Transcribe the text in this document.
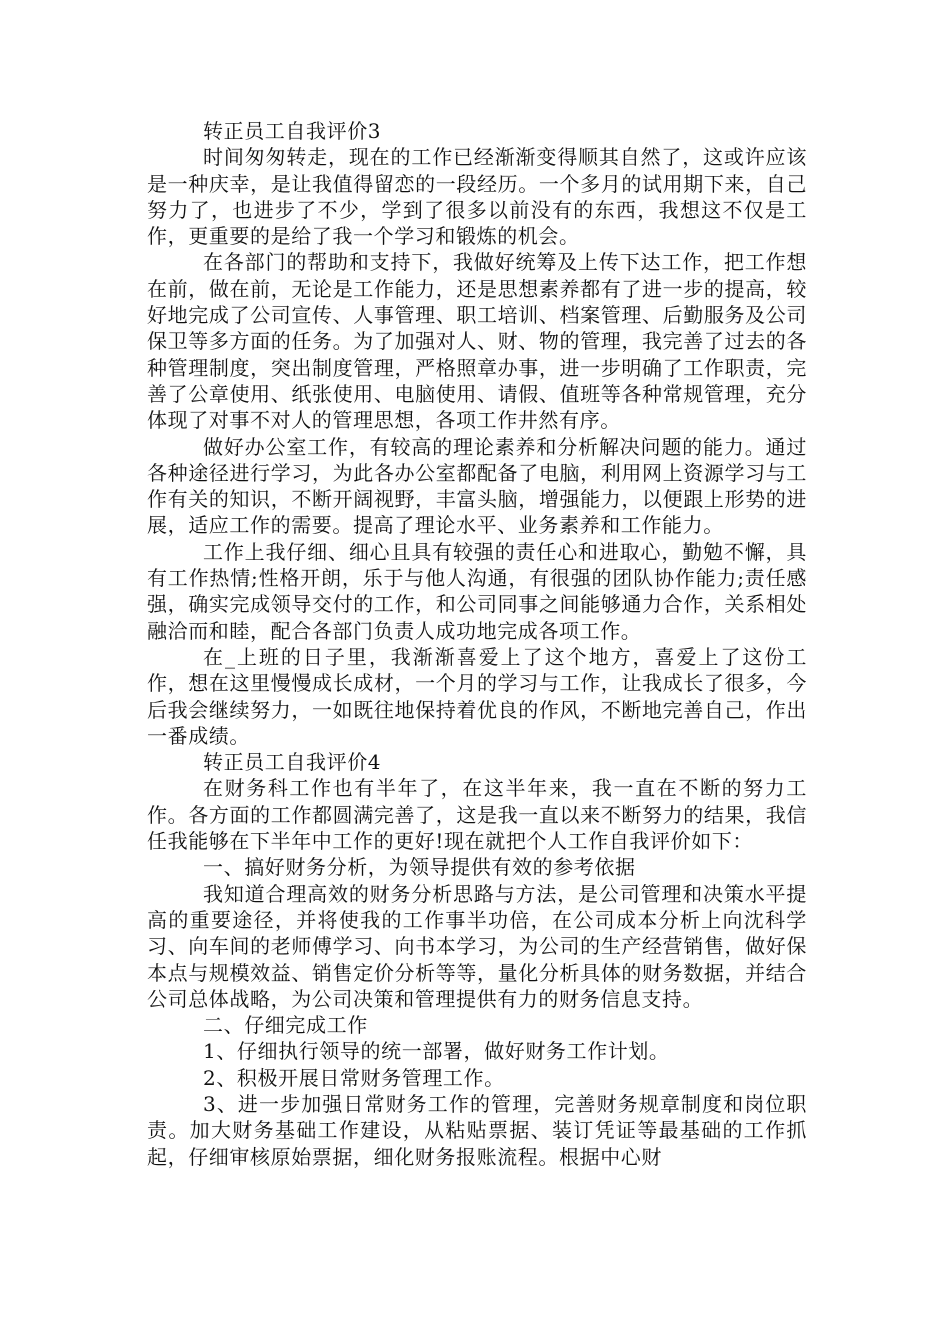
转正员工自我评价3

时间匆匆转走，现在的工作已经渐渐变得顺其自然了，这或许应该是一种庆幸，是让我值得留恋的一段经历。一个多月的试用期下来，自己努力了，也进步了不少，学到了很多以前没有的东西，我想这不仅是工作，更重要的是给了我一个学习和锻炼的机会。

在各部门的帮助和支持下，我做好统筹及上传下达工作，把工作想在前，做在前，无论是工作能力，还是思想素养都有了进一步的提高，较好地完成了公司宣传、人事管理、职工培训、档案管理、后勤服务及公司保卫等多方面的任务。为了加强对人、财、物的管理，我完善了过去的各种管理制度，突出制度管理，严格照章办事，进一步明确了工作职责，完善了公章使用、纸张使用、电脑使用、请假、值班等各种常规管理，充分体现了对事不对人的管理思想，各项工作井然有序。

做好办公室工作，有较高的理论素养和分析解决问题的能力。通过各种途径进行学习，为此各办公室都配备了电脑，利用网上资源学习与工作有关的知识，不断开阔视野，丰富头脑，增强能力，以便跟上形势的进展，适应工作的需要。提高了理论水平、业务素养和工作能力。

工作上我仔细、细心且具有较强的责任心和进取心，勤勉不懈，具有工作热情;性格开朗，乐于与他人沟通，有很强的团队协作能力;责任感强，确实完成领导交付的工作，和公司同事之间能够通力合作，关系相处融洽而和睦，配合各部门负责人成功地完成各项工作。

在_上班的日子里，我渐渐喜爱上了这个地方，喜爱上了这份工作，想在这里慢慢成长成材，一个月的学习与工作，让我成长了很多，今后我会继续努力，一如既往地保持着优良的作风，不断地完善自己，作出一番成绩。

转正员工自我评价4

在财务科工作也有半年了，在这半年来，我一直在不断的努力工作。各方面的工作都圆满完善了，这是我一直以来不断努力的结果，我信任我能够在下半年中工作的更好!现在就把个人工作自我评价如下：

一、搞好财务分析，为领导提供有效的参考依据

我知道合理高效的财务分析思路与方法，是公司管理和决策水平提高的重要途径，并将使我的工作事半功倍，在公司成本分析上向沈科学习、向车间的老师傅学习、向书本学习，为公司的生产经营销售，做好保本点与规模效益、销售定价分析等等，量化分析具体的财务数据，并结合公司总体战略，为公司决策和管理提供有力的财务信息支持。

二、仔细完成工作

1、仔细执行领导的统一部署，做好财务工作计划。

2、积极开展日常财务管理工作。

3、进一步加强日常财务工作的管理，完善财务规章制度和岗位职责。加大财务基础工作建设，从粘贴票据、装订凭证等最基础的工作抓起，仔细审核原始票据，细化财务报账流程。根据中心财
